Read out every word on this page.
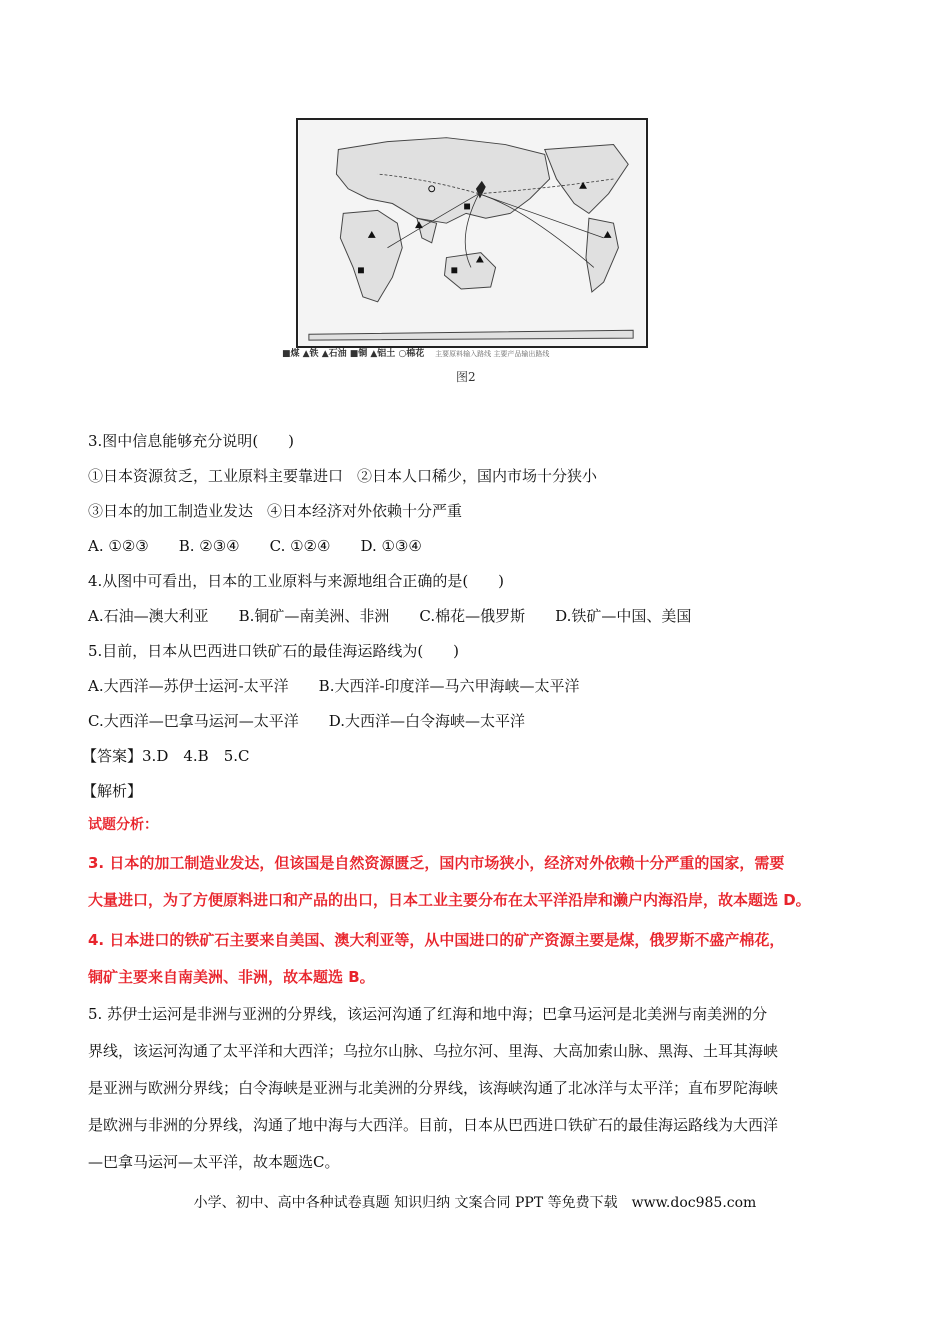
■煤 ▲铁 ▲石油 ■铜 ▲铝土 ○棉花 主要原料输入路线 主要产品输出路线
图2
3.图中信息能够充分说明(　　)
①日本资源贫乏，工业原料主要靠进口 ②日本人口稀少，国内市场十分狭小
③日本的加工制造业发达 ④日本经济对外依赖十分严重
A. ①②③ B. ②③④ C. ①②④ D. ①③④
4.从图中可看出，日本的工业原料与来源地组合正确的是(　　)
A.石油—澳大利亚 B.铜矿—南美洲、非洲 C.棉花—俄罗斯 D.铁矿—中国、美国
5.目前，日本从巴西进口铁矿石的最佳海运路线为(　　)
A.大西洋—苏伊士运河-太平洋 B.大西洋-印度洋—马六甲海峡—太平洋
C.大西洋—巴拿马运河—太平洋 D.大西洋—白令海峡—太平洋
【答案】3.D　4.B　5.C
【解析】
试题分析：
3. 日本的加工制造业发达，但该国是自然资源匮乏，国内市场狭小，经济对外依赖十分严重的国家，需要
大量进口，为了方便原料进口和产品的出口，日本工业主要分布在太平洋沿岸和濑户内海沿岸，故本题选 D。
4. 日本进口的铁矿石主要来自美国、澳大利亚等，从中国进口的矿产资源主要是煤，俄罗斯不盛产棉花，
铜矿主要来自南美洲、非洲，故本题选 B。
5. 苏伊士运河是非洲与亚洲的分界线，该运河沟通了红海和地中海；巴拿马运河是北美洲与南美洲的分
界线，该运河沟通了太平洋和大西洋；乌拉尔山脉、乌拉尔河、里海、大高加索山脉、黑海、土耳其海峡
是亚洲与欧洲分界线；白令海峡是亚洲与北美洲的分界线，该海峡沟通了北冰洋与太平洋；直布罗陀海峡
是欧洲与非洲的分界线，沟通了地中海与大西洋。目前，日本从巴西进口铁矿石的最佳海运路线为大西洋
—巴拿马运河—太平洋，故本题选C。
小学、初中、高中各种试卷真题 知识归纳 文案合同 PPT 等免费下载　www.doc985.com
